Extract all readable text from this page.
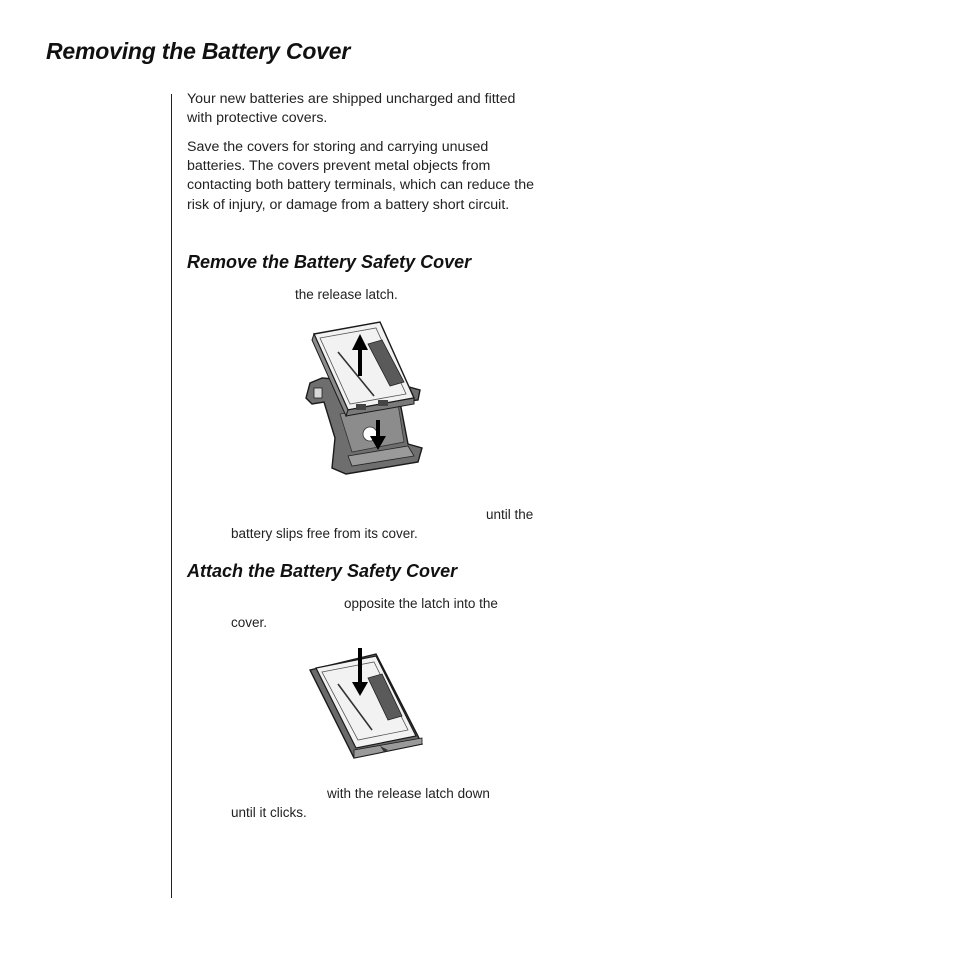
Removing the Battery Cover

Your new batteries are shipped uncharged and fitted with protective covers.

Save the covers for storing and carrying unused batteries. The covers prevent metal objects from contacting both battery terminals, which can reduce the risk of injury, or damage from a battery short circuit.

Remove the Battery Safety Cover

the release latch.

until the

battery slips free from its cover.

Attach the Battery Safety Cover

opposite the latch into the

cover.

with the release latch down

until it clicks.
